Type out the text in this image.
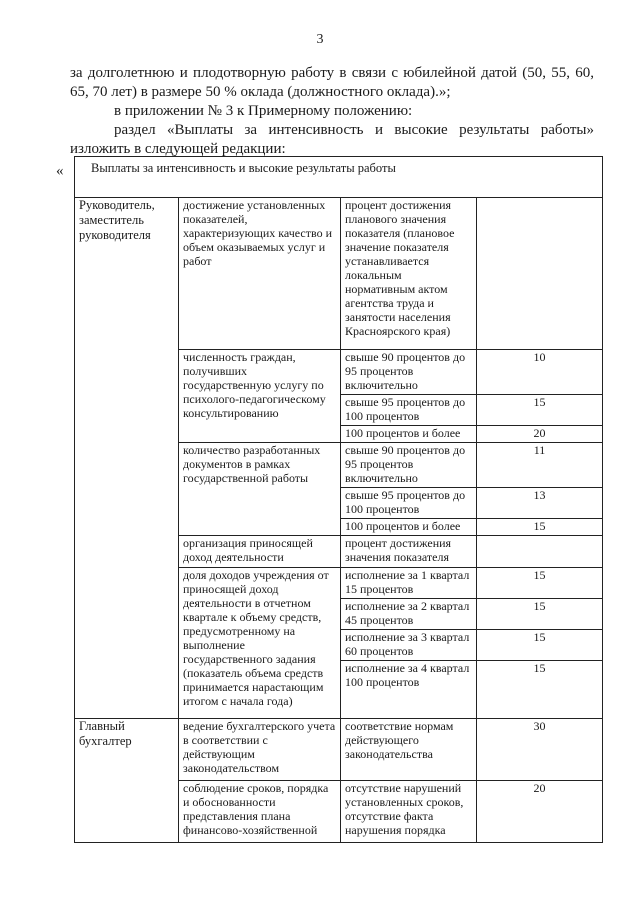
3
за долголетнюю и плодотворную работу в связи с юбилейной датой (50, 55, 60, 65, 70 лет) в размере 50 % оклада (должностного оклада).»;
в приложении № 3 к Примерному положению:
раздел «Выплаты за интенсивность и высокие результаты работы» изложить в следующей редакции:
« Выплаты за интенсивность и высокие результаты работы			
Руководитель, заместитель руководителя	достижение установленных показателей, характеризующих качество и объем оказываемых услуг и работ	процент достижения планового значения показателя (плановое значение показателя устанавливается локальным нормативным актом агентства труда и занятости населения Красноярского края)	
	численность граждан, получивших государственную услугу по психолого-педагогическому консультированию	свыше 90 процентов до 95 процентов включительно	10
		свыше 95 процентов до 100 процентов	15
		100 процентов и более	20
	количество разработанных документов в рамках государственной работы	свыше 90 процентов до 95 процентов включительно	11
		свыше 95 процентов до 100 процентов	13
		100 процентов и более	15
	организация приносящей доход деятельности	процент достижения значения показателя	
	доля доходов учреждения от приносящей доход деятельности в отчетном квартале к объему средств, предусмотренному на выполнение государственного задания (показатель объема средств принимается нарастающим итогом с начала года)	исполнение за 1 квартал 15 процентов	15
		исполнение за 2 квартал 45 процентов	15
		исполнение за 3 квартал 60 процентов	15
		исполнение за 4 квартал 100 процентов	15
Главный бухгалтер	ведение бухгалтерского учета в соответствии с действующим законодательством	соответствие нормам действующего законодательства	30
	соблюдение сроков, порядка и обоснованности представления плана финансово-хозяйственной	отсутствие нарушений установленных сроков, отсутствие факта нарушения порядка	20
